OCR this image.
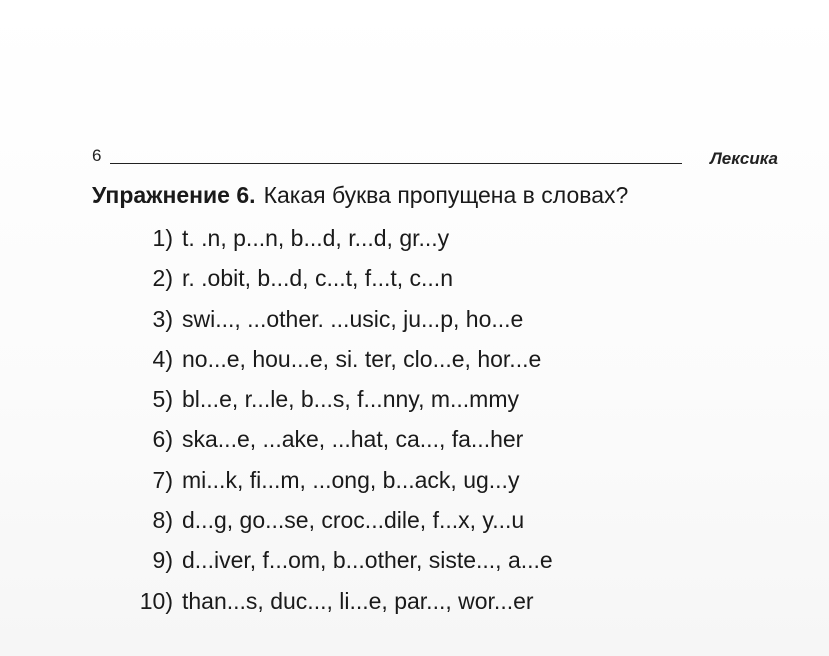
6	Лексика
Упражнение 6. Какая буква пропущена в словах?
1) t. .n, p...n, b...d, r...d, gr...y
2) r. .obit, b...d, c...t, f...t, c...n
3) swi..., ...other. ...usic, ju...p, ho...e
4) no...e, hou...e, si. ter, clo...e, hor...e
5) bl...e, r...le, b...s, f...nny, m...mmy
6) ska...e, ...ake, ...hat, ca..., fa...her
7) mi...k, fi...m, ...ong, b...ack, ug...y
8) d...g, go...se, croc...dile, f...x, y...u
9) d...iver, f...om, b...other, siste..., a...e
10) than...s, duc..., li...e, par..., wor...er
